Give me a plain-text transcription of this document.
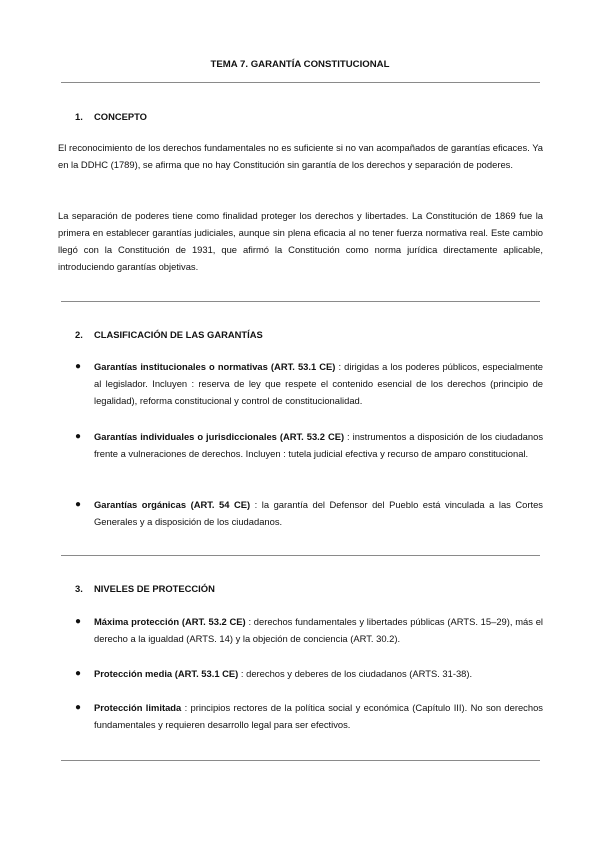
TEMA 7. GARANTÍA CONSTITUCIONAL
1. CONCEPTO

El reconocimiento de los derechos fundamentales no es suficiente si no van acompañados de garantías eficaces. Ya en la DDHC (1789), se afirma que no hay Constitución sin garantía de los derechos y separación de poderes.

La separación de poderes tiene como finalidad proteger los derechos y libertades. La Constitución de 1869 fue la primera en establecer garantías judiciales, aunque sin plena eficacia al no tener fuerza normativa real. Este cambio llegó con la Constitución de 1931, que afirmó la Constitución como norma jurídica directamente aplicable, introduciendo garantías objetivas.

2. CLASIFICACIÓN DE LAS GARANTÍAS
● Garantías institucionales o normativas (ART. 53.1 CE) : dirigidas a los poderes públicos, especialmente al legislador. Incluyen : reserva de ley que respete el contenido esencial de los derechos (principio de legalidad), reforma constitucional y control de constitucionalidad.
● Garantías individuales o jurisdiccionales (ART. 53.2 CE) : instrumentos a disposición de los ciudadanos frente a vulneraciones de derechos. Incluyen : tutela judicial efectiva y recurso de amparo constitucional.
● Garantías orgánicas (ART. 54 CE) : la garantía del Defensor del Pueblo está vinculada a las Cortes Generales y a disposición de los ciudadanos.
3. NIVELES DE PROTECCIÓN
● Máxima protección (ART. 53.2 CE) : derechos fundamentales y libertades públicas (ARTS. 15–29), más el derecho a la igualdad (ARTS. 14) y la objeción de conciencia (ART. 30.2).
● Protección media (ART. 53.1 CE) : derechos y deberes de los ciudadanos (ARTS. 31-38).
● Protección limitada : principios rectores de la política social y económica (Capítulo III). No son derechos fundamentales y requieren desarrollo legal para ser efectivos.
